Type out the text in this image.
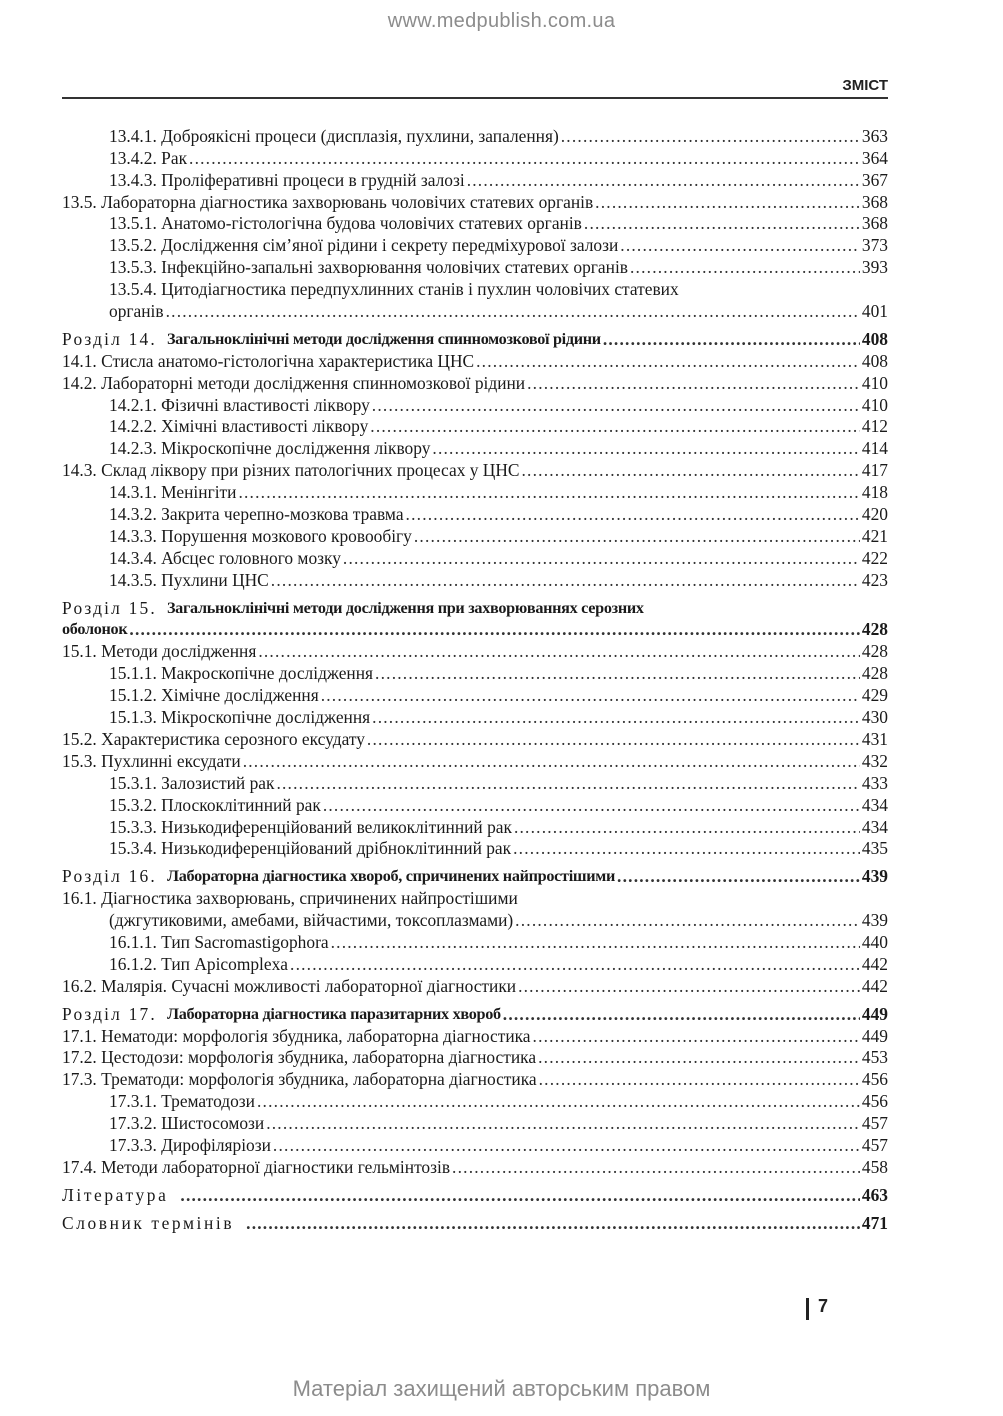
www.medpublish.com.ua
ЗМІСТ
13.4.1. Доброякісні процеси (дисплазія, пухлини, запалення) .....	363
13.4.2. Рак .....	364
13.4.3. Проліферативні процеси в грудній залозі .....	367
13.5. Лабораторна діагностика захворювань чоловічих статевих органів .....	368
13.5.1. Анатомо-гістологічна будова чоловічих статевих органів .....	368
13.5.2. Дослідження сім’яної рідини і секрету передміхурової залози .....	373
13.5.3. Інфекційно-запальні захворювання чоловічих статевих органів .....	393
13.5.4. Цитодіагностика передпухлинних станів і пухлин чоловічих статевих
органів .....	401
Розділ 14. Загальноклінічні методи дослідження спинномозкової рідини .....	408
14.1. Стисла анатомо-гістологічна характеристика ЦНС .....	408
14.2. Лабораторні методи дослідження спинномозкової рідини .....	410
14.2.1. Фізичні властивості ліквору .....	410
14.2.2. Хімічні властивості ліквору .....	412
14.2.3. Мікроскопічне дослідження ліквору .....	414
14.3. Склад ліквору при різних патологічних процесах у ЦНС .....	417
14.3.1. Менінгіти .....	418
14.3.2. Закрита черепно-мозкова травма .....	420
14.3.3. Порушення мозкового кровообігу .....	421
14.3.4. Абсцес головного мозку .....	422
14.3.5. Пухлини ЦНС .....	423
Розділ 15. Загальноклінічні методи дослідження при захворюваннях серозних
оболонок .....	428
15.1. Методи дослідження .....	428
15.1.1. Макроскопічне дослідження .....	428
15.1.2. Хімічне дослідження .....	429
15.1.3. Мікроскопічне дослідження .....	430
15.2. Характеристика серозного ексудату .....	431
15.3. Пухлинні ексудати .....	432
15.3.1. Залозистий рак .....	433
15.3.2. Плоскоклітинний рак .....	434
15.3.3. Низькодиференційований великоклітинний рак .....	434
15.3.4. Низькодиференційований дрібноклітинний рак .....	435
Розділ 16. Лабораторна діагностика хвороб, спричинених найпростішими .....	439
16.1. Діагностика захворювань, спричинених найпростішими
(джгутиковими, амебами, війчастими, токсоплазмами) .....	439
16.1.1. Тип Sacromastigophora .....	440
16.1.2. Тип Apicomplexa .....	442
16.2. Малярія. Сучасні можливості лабораторної діагностики .....	442
Розділ 17. Лабораторна діагностика паразитарних хвороб .....	449
17.1. Нематоди: морфологія збудника, лабораторна діагностика .....	449
17.2. Цестодози: морфологія збудника, лабораторна діагностика .....	453
17.3. Трематоди: морфологія збудника, лабораторна діагностика .....	456
17.3.1. Трематодози .....	456
17.3.2. Шистосомози .....	457
17.3.3. Дирофіляріози .....	457
17.4. Методи лабораторної діагностики гельмінтозів .....	458
Література .....	463
Словник термінів .....	471
7
Матеріал захищений авторським правом
